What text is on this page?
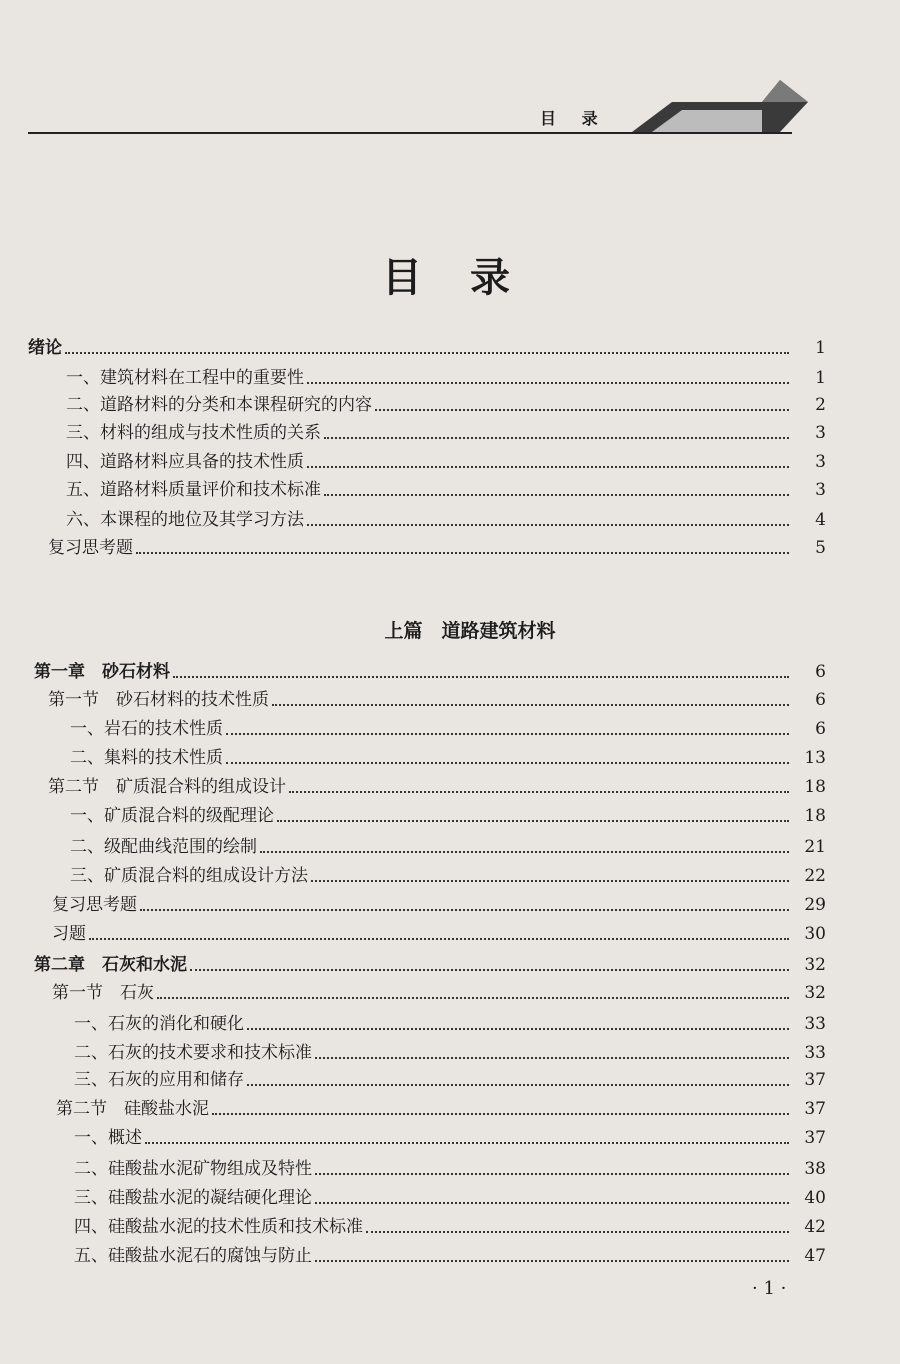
目 录
目录
上篇　道路建筑材料
绪论	1
一、建筑材料在工程中的重要性	1
二、道路材料的分类和本课程研究的内容	2
三、材料的组成与技术性质的关系	3
四、道路材料应具备的技术性质	3
五、道路材料质量评价和技术标准	3
六、本课程的地位及其学习方法	4
复习思考题	5
第一章　砂石材料	6
第一节　砂石材料的技术性质	6
一、岩石的技术性质	6
二、集料的技术性质	13
第二节　矿质混合料的组成设计	18
一、矿质混合料的级配理论	18
二、级配曲线范围的绘制	21
三、矿质混合料的组成设计方法	22
复习思考题	29
习题	30
第二章　石灰和水泥	32
第一节　石灰	32
一、石灰的消化和硬化	33
二、石灰的技术要求和技术标准	33
三、石灰的应用和储存	37
第二节　硅酸盐水泥	37
一、概述	37
二、硅酸盐水泥矿物组成及特性	38
三、硅酸盐水泥的凝结硬化理论	40
四、硅酸盐水泥的技术性质和技术标准	42
五、硅酸盐水泥石的腐蚀与防止	47
· 1 ·
